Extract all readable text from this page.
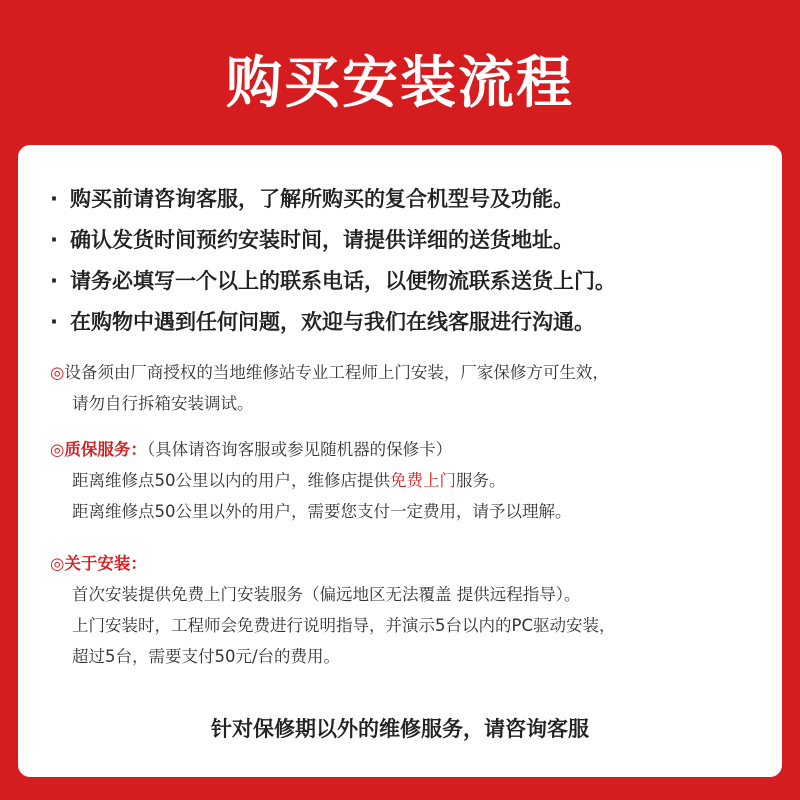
购买安装流程
· 购买前请咨询客服，了解所购买的复合机型号及功能。
· 确认发货时间预约安装时间，请提供详细的送货地址。
· 请务必填写一个以上的联系电话，以便物流联系送货上门。
· 在购物中遇到任何问题，欢迎与我们在线客服进行沟通。
◎设备须由厂商授权的当地维修站专业工程师上门安装，厂家保修方可生效，
请勿自行拆箱安装调试。
◎质保服务：（具体请咨询客服或参见随机器的保修卡）
距离维修点50公里以内的用户，维修店提供免费上门服务。
距离维修点50公里以外的用户，需要您支付一定费用，请予以理解。
◎关于安装：
首次安装提供免费上门安装服务（偏远地区无法覆盖 提供远程指导）。
上门安装时，工程师会免费进行说明指导，并演示5台以内的PC驱动安装，
超过5台，需要支付50元/台的费用。
针对保修期以外的维修服务，请咨询客服
